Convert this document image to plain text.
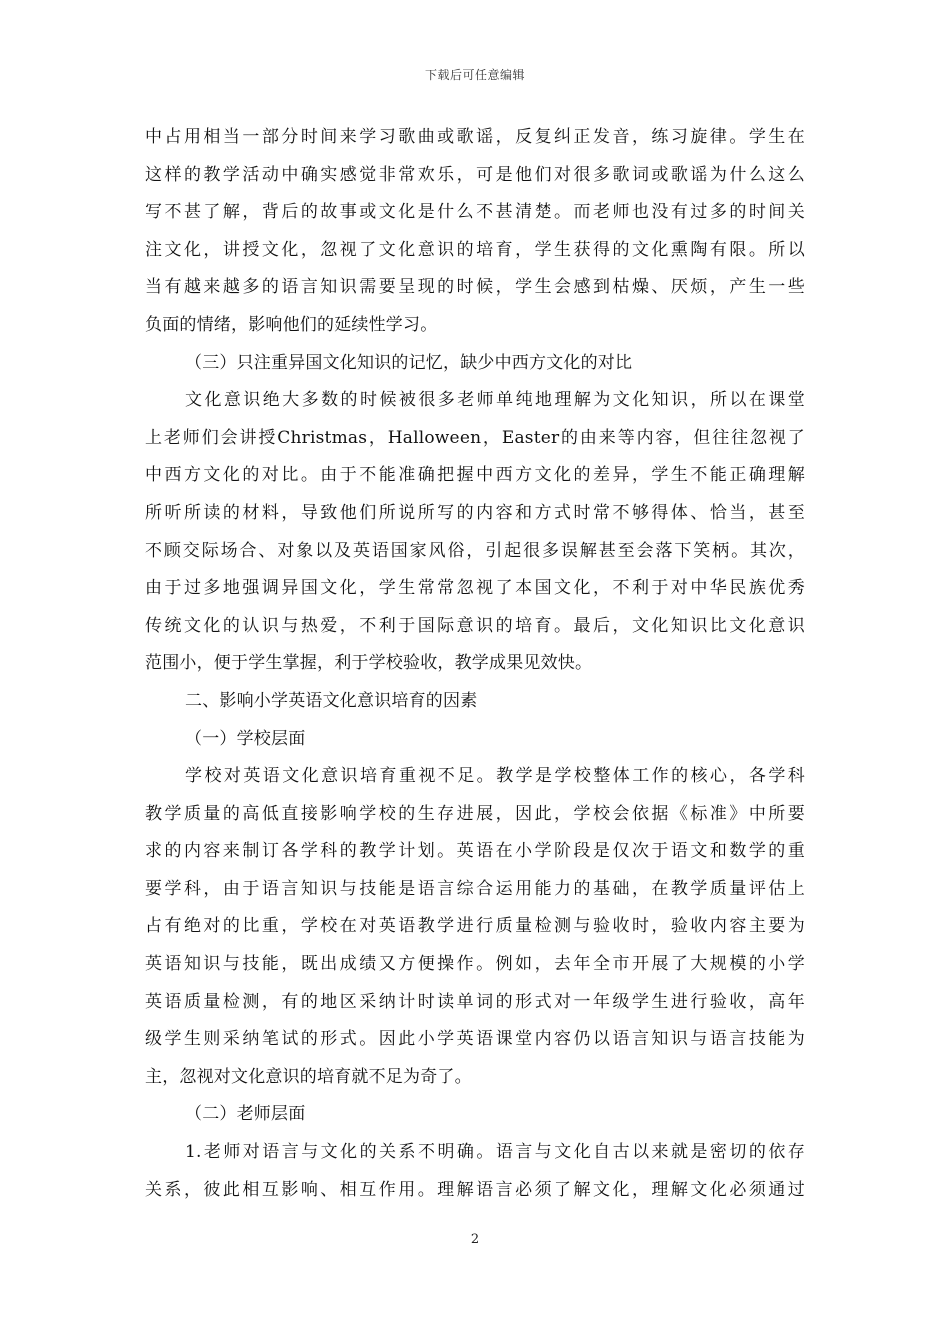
下载后可任意编辑
中占用相当一部分时间来学习歌曲或歌谣，反复纠正发音，练习旋律。学生在
这样的教学活动中确实感觉非常欢乐，可是他们对很多歌词或歌谣为什么这么
写不甚了解，背后的故事或文化是什么不甚清楚。而老师也没有过多的时间关
注文化，讲授文化，忽视了文化意识的培育，学生获得的文化熏陶有限。所以
当有越来越多的语言知识需要呈现的时候，学生会感到枯燥、厌烦，产生一些
负面的情绪，影响他们的延续性学习。
（三）只注重异国文化知识的记忆，缺少中西方文化的对比
文化意识绝大多数的时候被很多老师单纯地理解为文化知识，所以在课堂
上老师们会讲授Christmas，Halloween，Easter的由来等内容，但往往忽视了
中西方文化的对比。由于不能准确把握中西方文化的差异，学生不能正确理解
所听所读的材料，导致他们所说所写的内容和方式时常不够得体、恰当，甚至
不顾交际场合、对象以及英语国家风俗，引起很多误解甚至会落下笑柄。其次，
由于过多地强调异国文化，学生常常忽视了本国文化，不利于对中华民族优秀
传统文化的认识与热爱，不利于国际意识的培育。最后，文化知识比文化意识
范围小，便于学生掌握，利于学校验收，教学成果见效快。
二、影响小学英语文化意识培育的因素
（一）学校层面
学校对英语文化意识培育重视不足。教学是学校整体工作的核心，各学科
教学质量的高低直接影响学校的生存进展，因此，学校会依据《标准》中所要
求的内容来制订各学科的教学计划。英语在小学阶段是仅次于语文和数学的重
要学科，由于语言知识与技能是语言综合运用能力的基础，在教学质量评估上
占有绝对的比重，学校在对英语教学进行质量检测与验收时，验收内容主要为
英语知识与技能，既出成绩又方便操作。例如，去年全市开展了大规模的小学
英语质量检测，有的地区采纳计时读单词的形式对一年级学生进行验收，高年
级学生则采纳笔试的形式。因此小学英语课堂内容仍以语言知识与语言技能为
主，忽视对文化意识的培育就不足为奇了。
（二）老师层面
1.老师对语言与文化的关系不明确。语言与文化自古以来就是密切的依存
关系，彼此相互影响、相互作用。理解语言必须了解文化，理解文化必须通过
2
